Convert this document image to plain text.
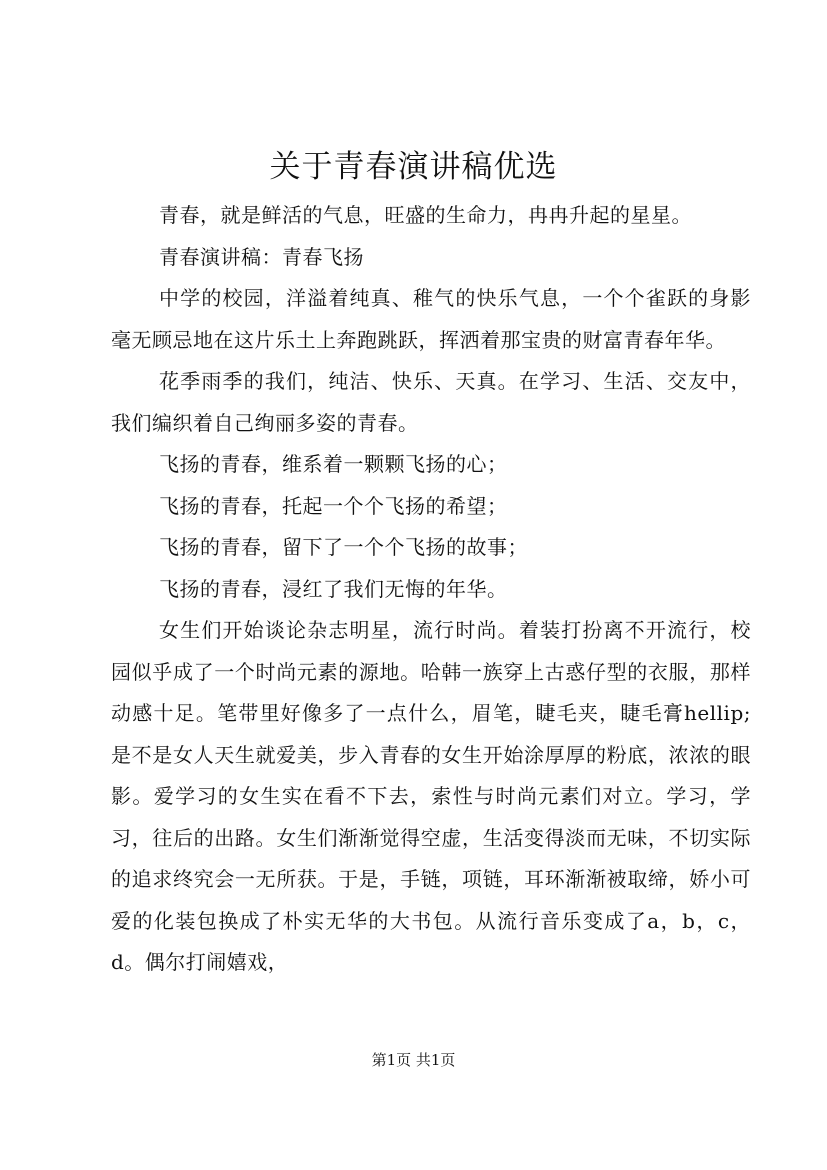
关于青春演讲稿优选

青春，就是鲜活的气息，旺盛的生命力，冉冉升起的星星。

青春演讲稿：青春飞扬

中学的校园，洋溢着纯真、稚气的快乐气息，一个个雀跃的身影毫无顾忌地在这片乐土上奔跑跳跃，挥洒着那宝贵的财富青春年华。

花季雨季的我们，纯洁、快乐、天真。在学习、生活、交友中，我们编织着自己绚丽多姿的青春。

飞扬的青春，维系着一颗颗飞扬的心；

飞扬的青春，托起一个个飞扬的希望；

飞扬的青春，留下了一个个飞扬的故事；

飞扬的青春，浸红了我们无悔的年华。

女生们开始谈论杂志明星，流行时尚。着装打扮离不开流行，校园似乎成了一个时尚元素的源地。哈韩一族穿上古惑仔型的衣服，那样动感十足。笔带里好像多了一点什么，眉笔，睫毛夹，睫毛膏hellip;是不是女人天生就爱美，步入青春的女生开始涂厚厚的粉底，浓浓的眼影。爱学习的女生实在看不下去，索性与时尚元素们对立。学习，学习，往后的出路。女生们渐渐觉得空虚，生活变得淡而无味，不切实际的追求终究会一无所获。于是，手链，项链，耳环渐渐被取缔，娇小可爱的化装包换成了朴实无华的大书包。从流行音乐变成了a，b，c，d。偶尔打闹嬉戏，

第1页 共1页
